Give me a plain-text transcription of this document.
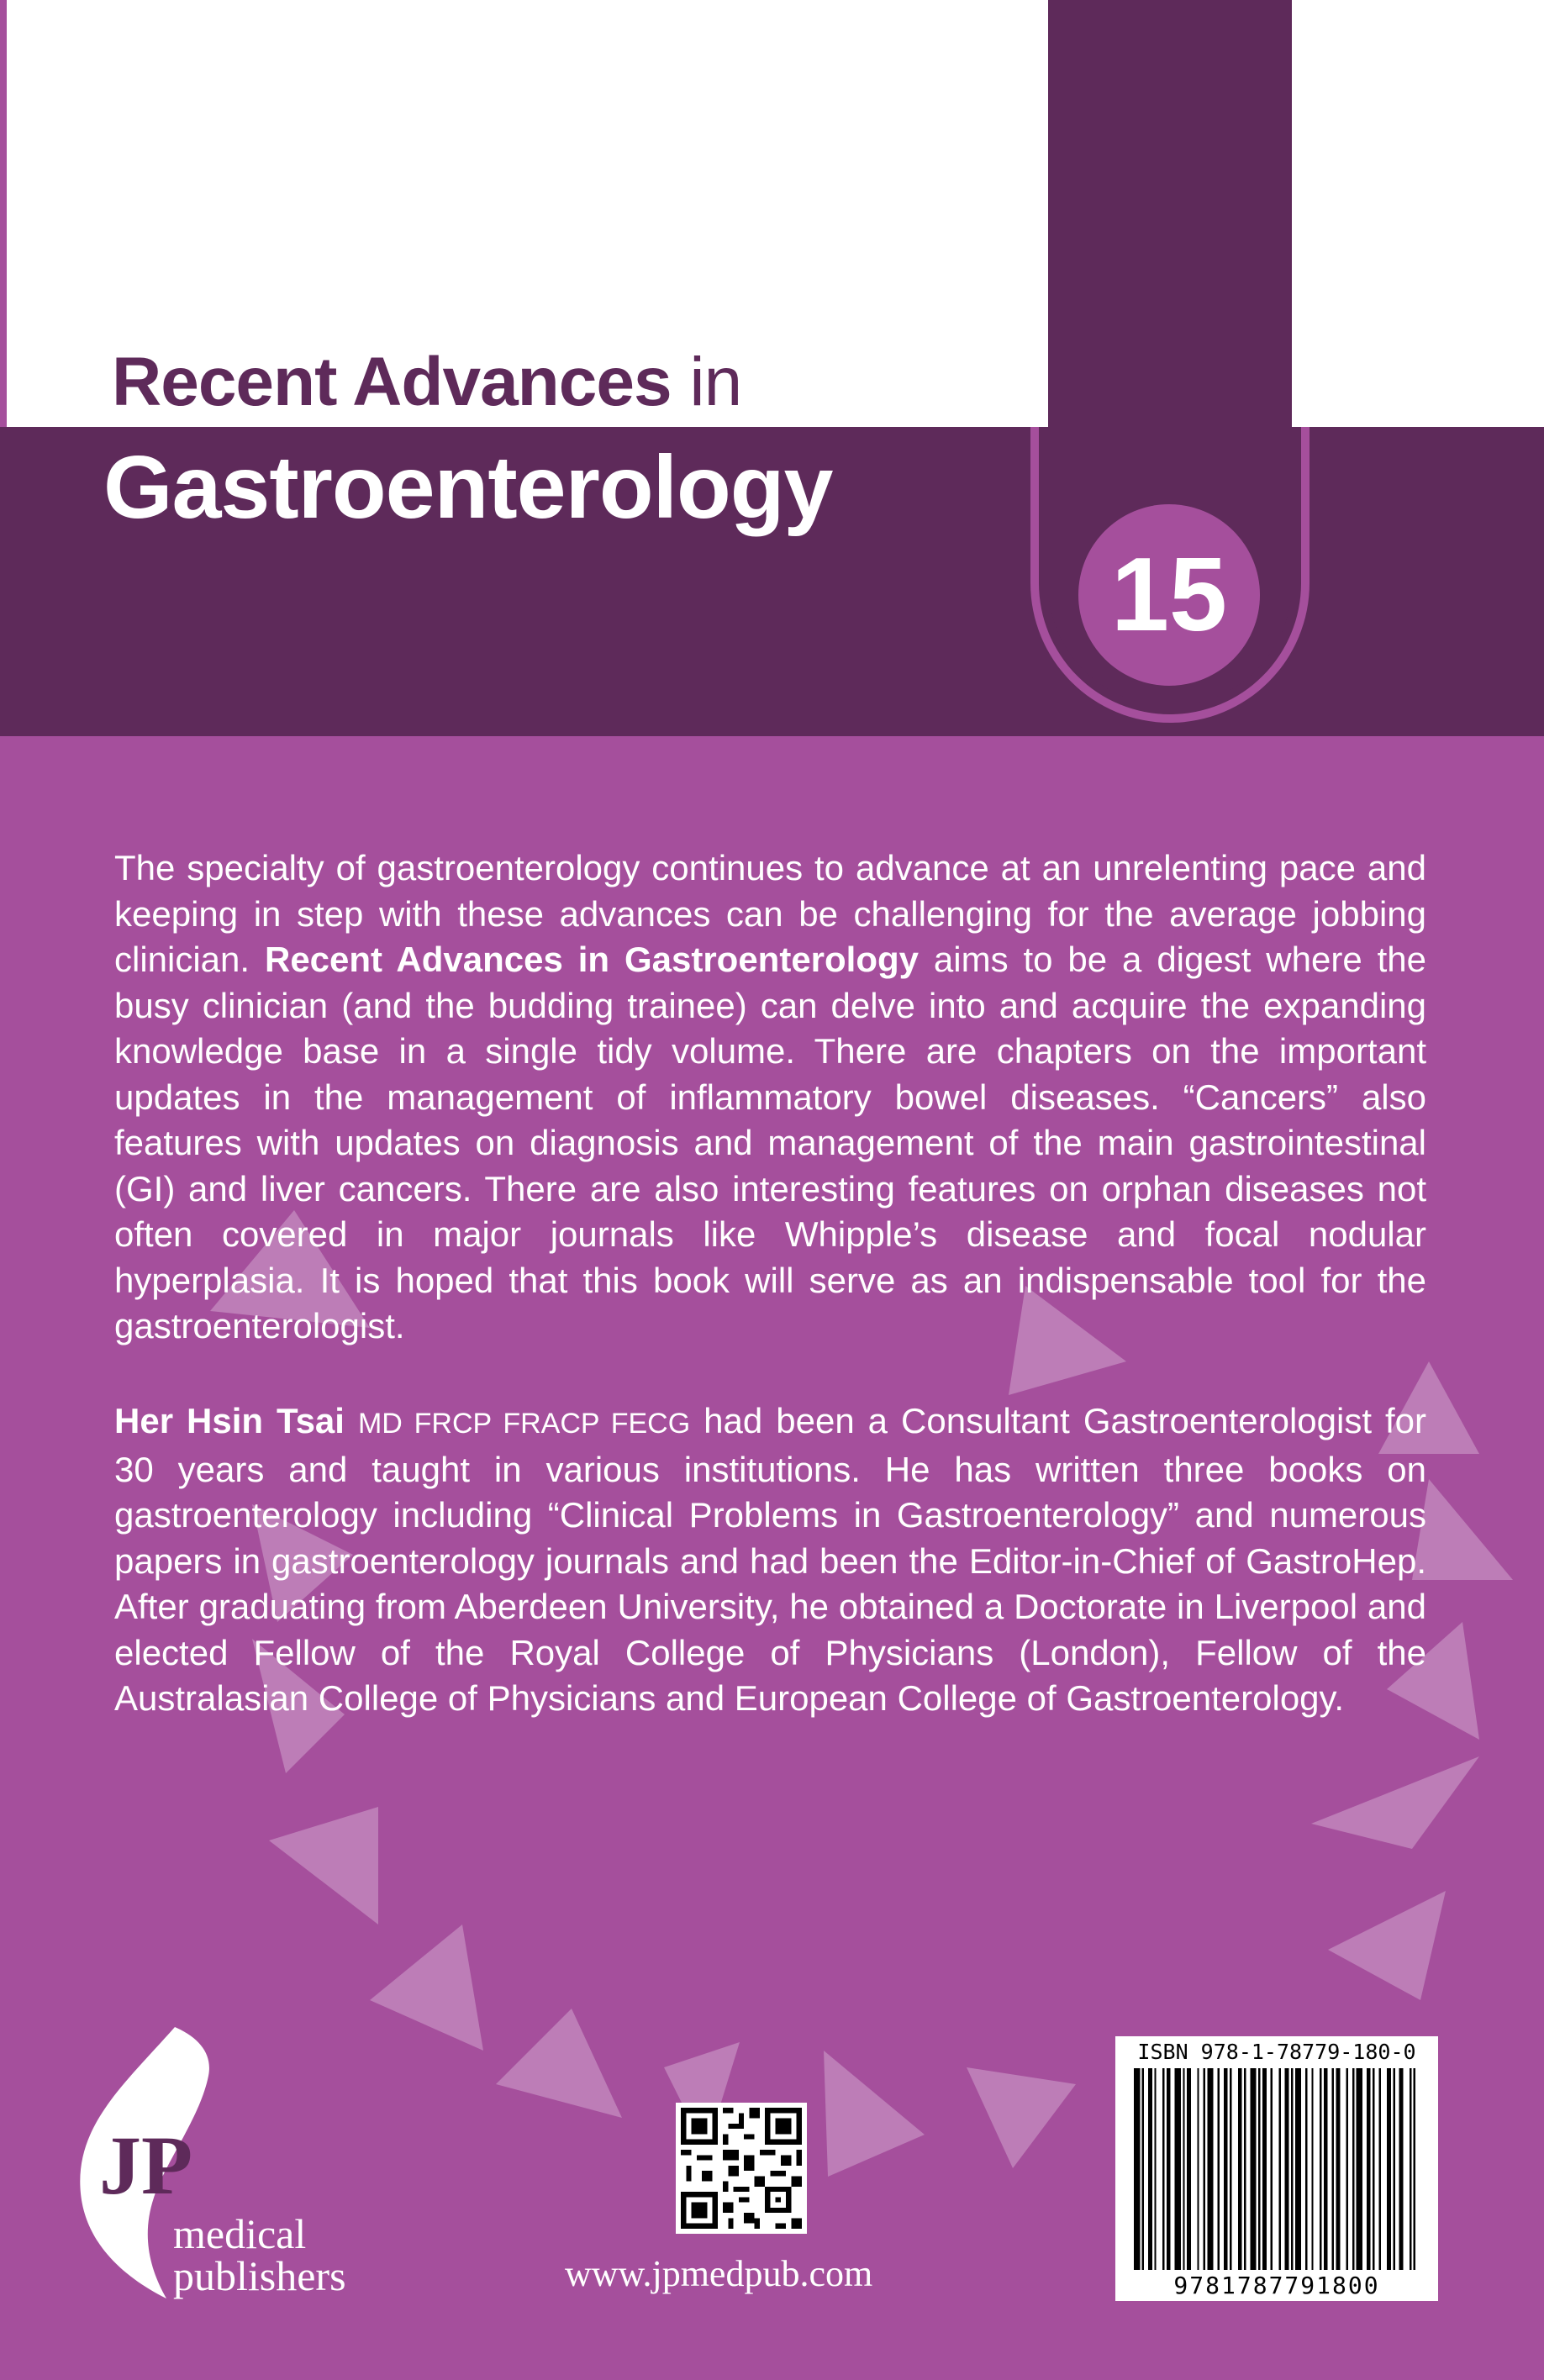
15
Recent Advances in
Gastroenterology

The specialty of gastroenterology continues to advance at an unrelenting pace and keeping in step with these advances can be challenging for the average jobbing clinician. Recent Advances in Gastroenterology aims to be a digest where the busy clinician (and the budding trainee) can delve into and acquire the expanding knowledge base in a single tidy volume. There are chapters on the important updates in the management of inflammatory bowel diseases. “Cancers” also features with updates on diagnosis and management of the main gastrointestinal (GI) and liver cancers. There are also interesting features on orphan diseases not often covered in major journals like Whipple’s disease and focal nodular hyperplasia. It is hoped that this book will serve as an indispensable tool for the gastroenterologist.

Her Hsin Tsai MD FRCP FRACP FECG had been a Consultant Gastroenterologist for 30 years and taught in various institutions. He has written three books on gastroenterology including “Clinical Problems in Gastroenterology” and numerous papers in gastroenterology journals and had been the Editor-in-Chief of GastroHep. After graduating from Aberdeen University, he obtained a Doctorate in Liverpool and elected Fellow of the Royal College of Physicians (London), Fellow of the Australasian College of Physicians and European College of Gastroenterology.

JP
medical
publishers	www.jpmedpub.com
ISBN 978-1-78779-180-0
9781787791800
